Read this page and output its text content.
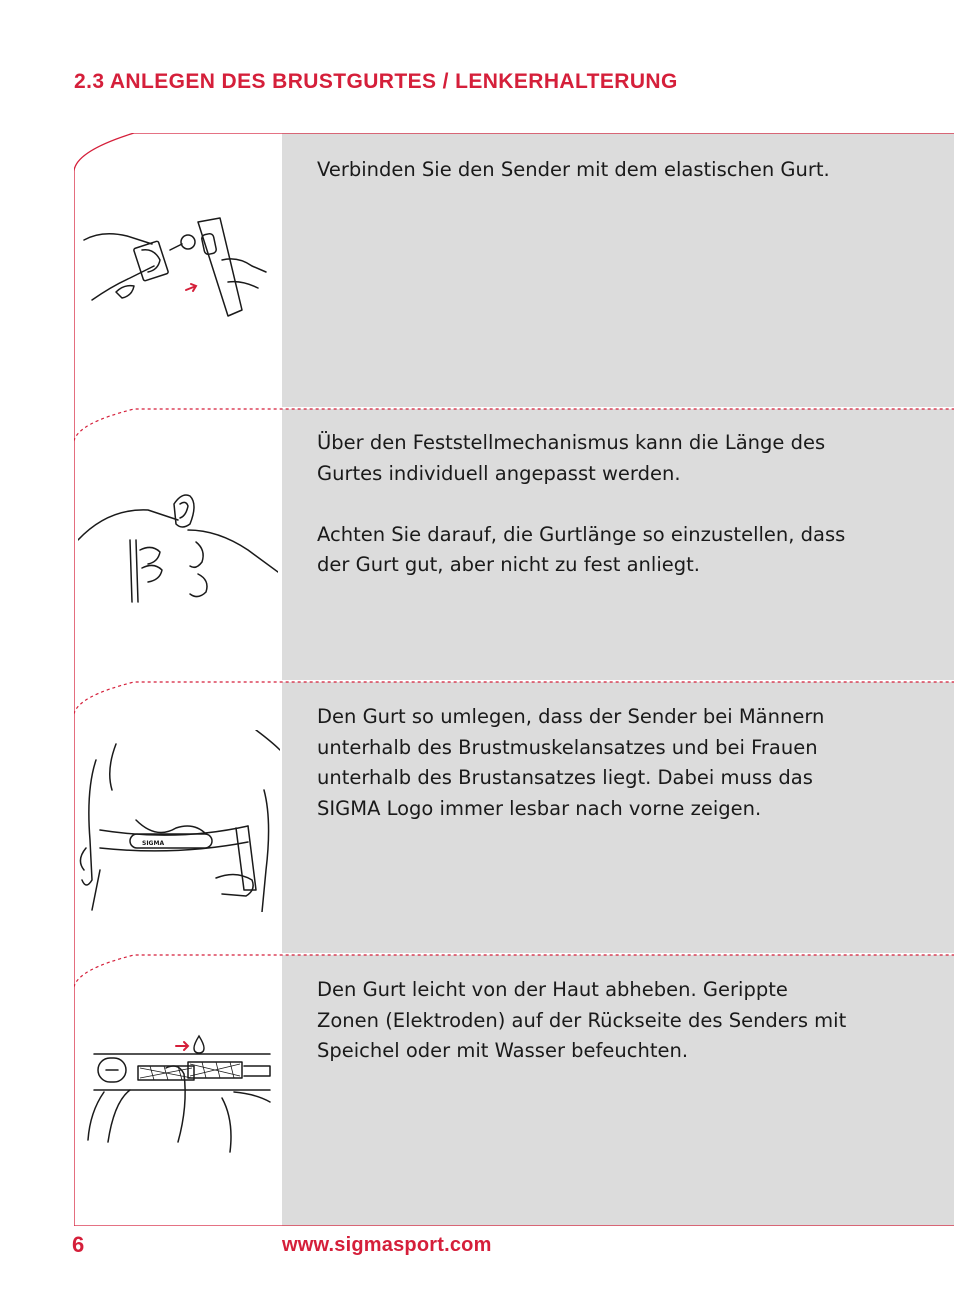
2.3 ANLEGEN DES BRUSTGURTES / LENKERHALTERUNG
SIGMA

Verbinden Sie den Sender mit dem elastischen Gurt.

Über den Feststellmechanismus kann die Länge des Gurtes individuell angepasst werden.

Achten Sie darauf, die Gurtlänge so einzustellen, dass der Gurt gut, aber nicht zu fest anliegt.

Den Gurt so umlegen, dass der Sender bei Männern unterhalb des Brustmuskelansatzes und bei Frauen unterhalb des Brustansatzes liegt. Dabei muss das SIGMA Logo immer lesbar nach vorne zeigen.

Den Gurt leicht von der Haut abheben. Gerippte Zonen (Elektroden) auf der Rückseite des Senders mit Speichel oder mit Wasser befeuchten.

6	www.sigmasport.com
